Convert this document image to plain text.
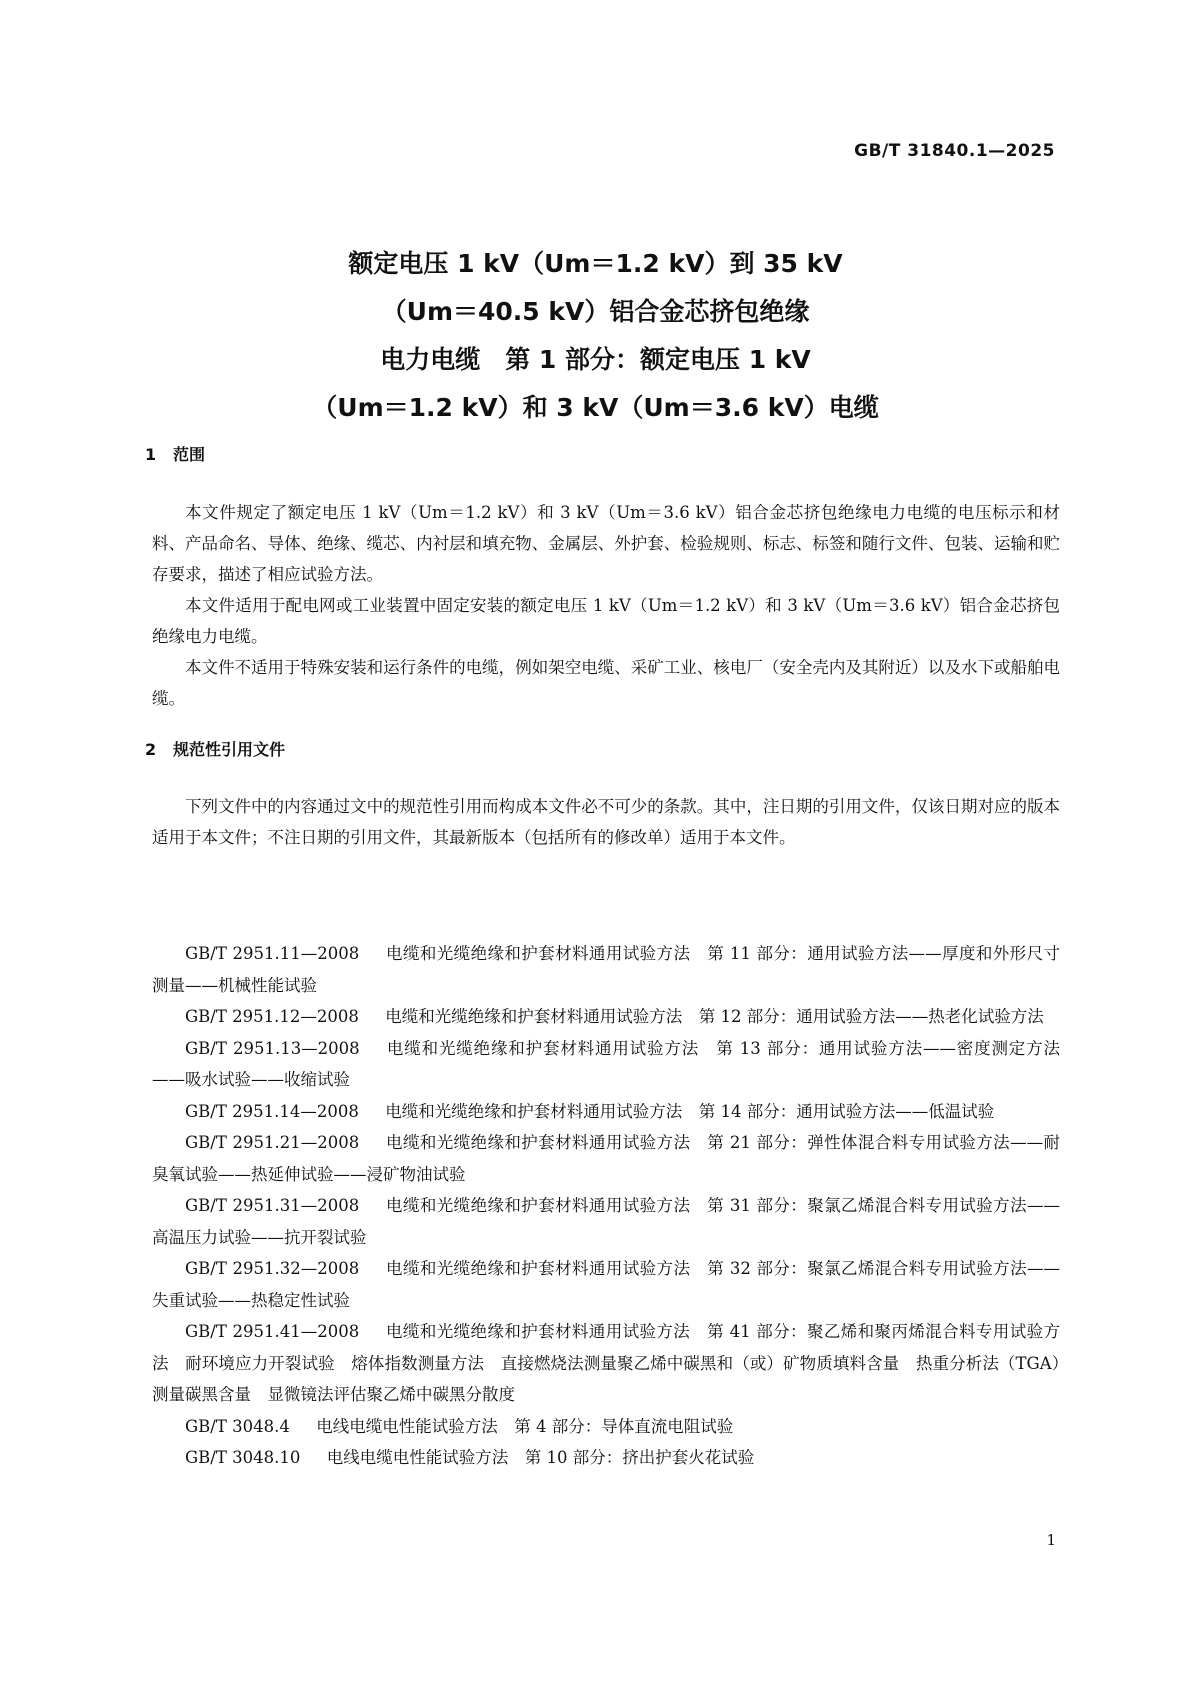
GB/T 31840.1—2025
额定电压 1 kV（Um＝1.2 kV）到 35 kV
（Um＝40.5 kV）铝合金芯挤包绝缘
电力电缆　第 1 部分：额定电压 1 kV
（Um＝1.2 kV）和 3 kV（Um＝3.6 kV）电缆
1 范围
本文件规定了额定电压 1 kV（Um＝1.2 kV）和 3 kV（Um＝3.6 kV）铝合金芯挤包绝缘电力电缆的电压标示和材料、产品命名、导体、绝缘、缆芯、内衬层和填充物、金属层、外护套、检验规则、标志、标签和随行文件、包装、运输和贮存要求，描述了相应试验方法。
本文件适用于配电网或工业装置中固定安装的额定电压 1 kV（Um＝1.2 kV）和 3 kV（Um＝3.6 kV）铝合金芯挤包绝缘电力电缆。
本文件不适用于特殊安装和运行条件的电缆，例如架空电缆、采矿工业、核电厂（安全壳内及其附近）以及水下或船舶电缆。
2 规范性引用文件
下列文件中的内容通过文中的规范性引用而构成本文件必不可少的条款。其中，注日期的引用文件，仅该日期对应的版本适用于本文件；不注日期的引用文件，其最新版本（包括所有的修改单）适用于本文件。
GB/T 2951.11—2008 电缆和光缆绝缘和护套材料通用试验方法　第 11 部分：通用试验方法——厚度和外形尺寸测量——机械性能试验
GB/T 2951.12—2008 电缆和光缆绝缘和护套材料通用试验方法　第 12 部分：通用试验方法——热老化试验方法
GB/T 2951.13—2008 电缆和光缆绝缘和护套材料通用试验方法　第 13 部分：通用试验方法——密度测定方法——吸水试验——收缩试验
GB/T 2951.14—2008 电缆和光缆绝缘和护套材料通用试验方法　第 14 部分：通用试验方法——低温试验
GB/T 2951.21—2008 电缆和光缆绝缘和护套材料通用试验方法　第 21 部分：弹性体混合料专用试验方法——耐臭氧试验——热延伸试验——浸矿物油试验
GB/T 2951.31—2008 电缆和光缆绝缘和护套材料通用试验方法　第 31 部分：聚氯乙烯混合料专用试验方法——高温压力试验——抗开裂试验
GB/T 2951.32—2008 电缆和光缆绝缘和护套材料通用试验方法　第 32 部分：聚氯乙烯混合料专用试验方法——失重试验——热稳定性试验
GB/T 2951.41—2008 电缆和光缆绝缘和护套材料通用试验方法　第 41 部分：聚乙烯和聚丙烯混合料专用试验方法　耐环境应力开裂试验　熔体指数测量方法　直接燃烧法测量聚乙烯中碳黑和（或）矿物质填料含量　热重分析法（TGA）测量碳黑含量　显微镜法评估聚乙烯中碳黑分散度
GB/T 3048.4 电线电缆电性能试验方法　第 4 部分：导体直流电阻试验
GB/T 3048.10 电线电缆电性能试验方法　第 10 部分：挤出护套火花试验
1
